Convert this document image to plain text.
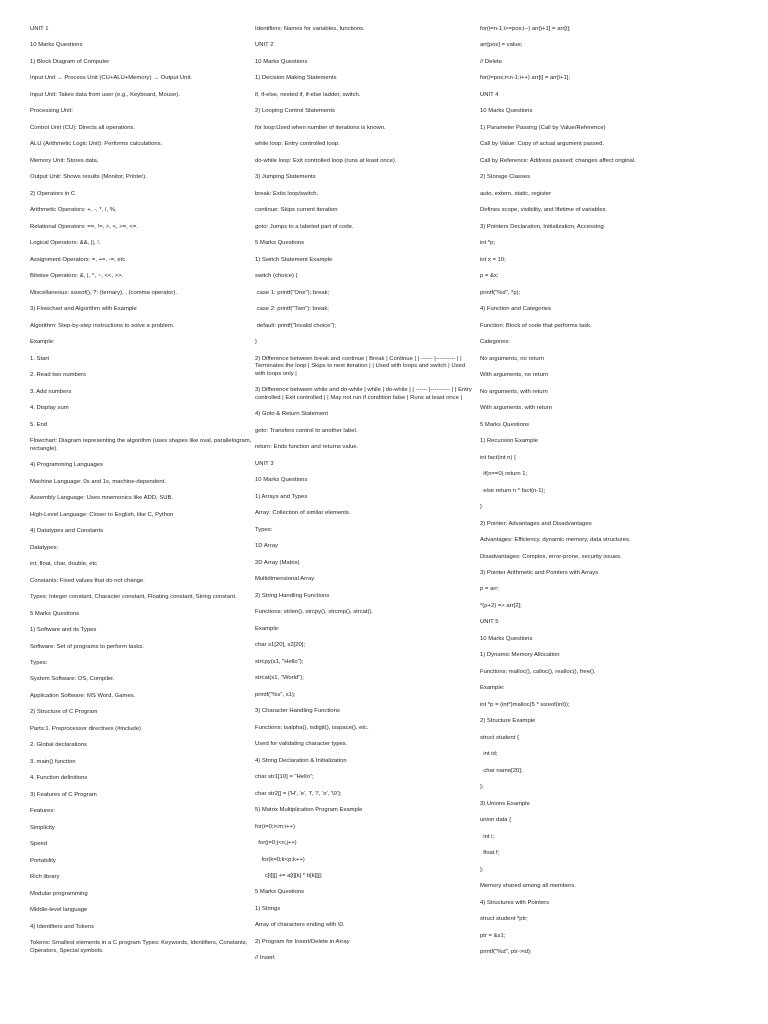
UNIT 1
10 Marks Questions
1) Block Diagram of Computer
Input Unit → Process Unit (CU+ALU+Memory) → Output Unit.
Input Unit: Takes data from user (e.g., Keyboard, Mouse).
Processing Unit:
Control Unit (CU): Directs all operations.
ALU (Arithmetic Logic Unit): Performs calculations.
Memory Unit: Stores data.
Output Unit: Shows results (Monitor, Printer).
2) Operators in C
Arithmetic Operators: +, -, *, /, %.
Relational Operators: ==, !=, >, <, >=, <=.
Logical Operators: &&, ||, !.
Assignment Operators: =, +=, -=, etc.
Bitwise Operators: &, |, ^, ~, <<, >>.
Miscellaneous: sizeof(), ?: (ternary), , (comma operator).
3) Flowchart and Algorithm with Example
Algorithm: Step-by-step instructions to solve a problem.
Example:
1. Start
2. Read two numbers
3. Add numbers
4. Display sum
5. End
Flowchart: Diagram representing the algorithm (uses shapes like oval, parallelogram, rectangle).
4) Programming Languages
Machine Language: 0s and 1s, machine-dependent.
Assembly Language: Uses mnemonics like ADD, SUB.
High-Level Language: Closer to English, like C, Python
4) Datatypes and Constants
Datatypes:
int, float, char, double, etc
Constants: Fixed values that do not change.
Types: Integer constant, Character constant, Floating constant, String constant.
5 Marks Questions
1) Software and its Types
Software: Set of programs to perform tasks.
Types:
System Software: OS, Compiler.
Application Software: MS Word, Games.
2) Structure of C Program
Parts:1. Preprocessor directives (#include)
2. Global declarations
3. main() function
4. Function definitions
3) Features of C Program
Features:
Simplicity
Speed
Portability
Rich library
Modular programming
Middle-level language
4) Identifiers and Tokens
Tokens: Smallest elements in a C program Types: Keywords, Identifiers, Constants, Operators, Special symbols.
Identifiers: Names for variables, functions.
UNIT 2
10 Marks Questions
1) Decision Making Statements
if, if-else, nested if, if-else ladder, switch.
2) Looping Control Statements
for loop:Used when number of iterations is known.
while loop: Entry controlled loop.
do-while loop: Exit controlled loop (runs at least once).
3) Jumping Statements
break: Exits loop/switch.
continue: Skips current iteration
goto: Jumps to a labeled part of code.
5 Marks Questions
1) Switch Statement Example
switch (choice) {
case 1: printf("One"); break;
case 2: printf("Two"); break;
default: printf("Invalid choice");
}
2) Difference between break and continue | Break | Continue | | ------ |---------- | | Terminates the loop | Skips to next iteration | | Used with loops and switch | Used with loops only |
3) Difference between while and do-while | while | do-while | | ------ |---------- | | Entry controlled | Exit controlled | | May not run if condition false | Runs at least once |
4) Goto & Return Statement
goto: Transfers control to another label.
return: Ends function and returns value.
UNIT 3
10 Marks Questions
1) Arrays and Types
Array: Collection of similar elements.
Types:
1D Array
2D Array (Matrix)
Multidimensional Array
2) String Handling Functions
Functions: strlen(), strcpy(), strcmp(), strcat().
Example:
char s1[20], s2[20];
strcpy(s1, "Hello");
strcat(s1, "World");
printf("%s", s1);
3) Character Handling Functions
Functions: isalpha(), isdigit(), isspace(), etc.
Used for validating character types.
4) String Declaration & Initialization
char str1[10] = "Hello";
char str2[] = {'H', 'e', 'l', 'l', 'o', '\0'};
5) Matrix Multiplication Program Example
for(i=0;i<m;i++)
for(j=0;j<n;j++)
for(k=0;k<p;k++)
c[i][j] += a[i][k] * b[k][j];
5 Marks Questions
1) Strings
Array of characters ending with \0.
2) Program for Insert/Delete in Array
// Insert
for(i=n-1;i>=pos;i--) arr[i+1] = arr[i];
arr[pos] = value;
// Delete
for(i=pos;i<n-1;i++) arr[i] = arr[i+1];
UNIT 4
10 Marks Questions
1) Parameter Passing (Call by Value/Reference)
Call by Value: Copy of actual argument passed.
Call by Reference: Address passed; changes affect original.
2) Storage Classes
auto, extern, static, register
Defines scope, visibility, and lifetime of variables
3) Pointers Declaration, Initialization, Accessing
int *p;
int x = 10;
p = &x;
printf("%d", *p);
4) Function and Categories
Function: Block of code that performs task.
Categories:
No arguments, no return
With arguments, no return
No arguments, with return
With arguments, with return
5 Marks Questions
1) Recursion Example
int fact(int n) {
if(n==0) return 1;
else return n * fact(n-1);
}
2) Pointer: Advantages and Disadvantages
Advantages: Efficiency, dynamic memory, data structures.
Disadvantages: Complex, error-prone, security issues.
3) Pointer Arithmetic and Pointers with Arrays
p = arr;
*(p+2) => arr[2];
UNIT 5
10 Marks Questions
1) Dynamic Memory Allocation
Functions: malloc(), calloc(), realloc(), free().
Example:
int *p = (int*)malloc(5 * sizeof(int));
2) Structure Example
struct student {
int id;
char name[20];
};
3) Unions Example
union data {
int i;
float f;
};
Memory shared among all members.
4) Structures with Pointers
struct student *ptr;
ptr = &s1;
printf("%d", ptr->id);
